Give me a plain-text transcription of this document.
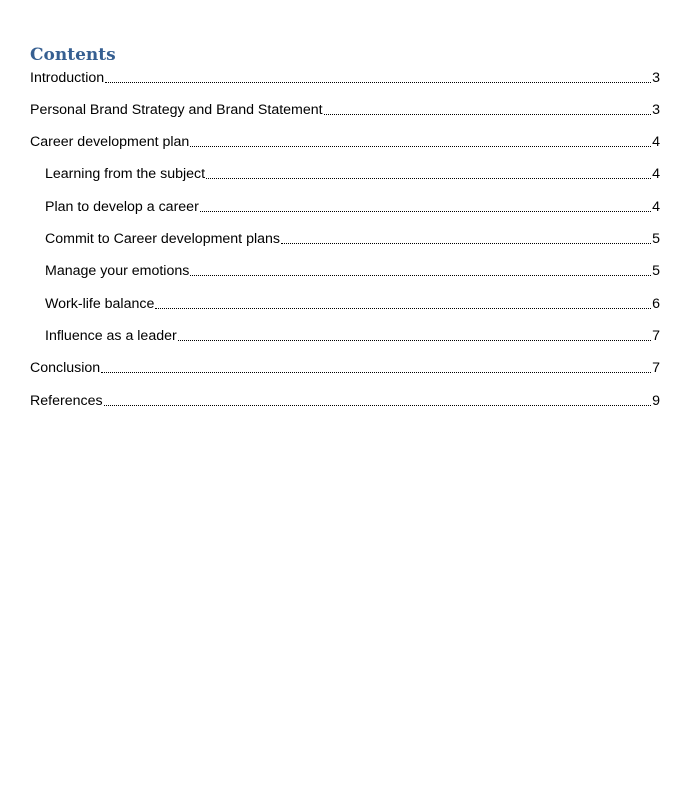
Contents
Introduction	3
Personal Brand Strategy and Brand Statement	3
Career development plan	4
Learning from the subject	4
Plan to develop a career	4
Commit to Career development plans	5
Manage your emotions	5
Work-life balance	6
Influence as a leader	7
Conclusion	7
References	9
